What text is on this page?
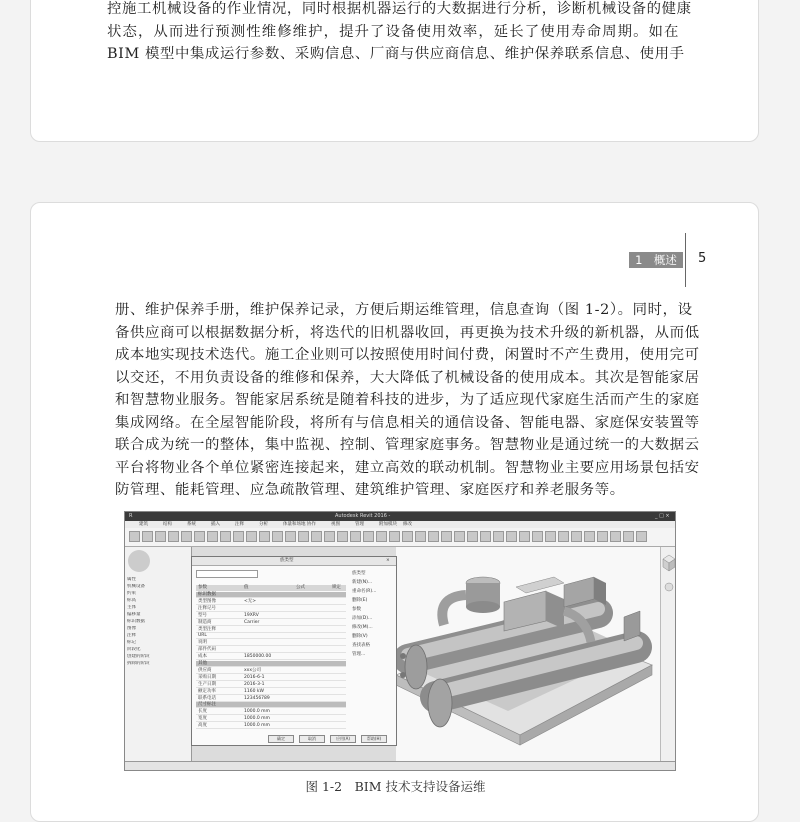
控施工机械设备的作业情况，同时根据机器运行的大数据进行分析，诊断机械设备的健康

状态，从而进行预测性维修维护，提升了设备使用效率，延长了使用寿命周期。如在

BIM 模型中集成运行参数、采购信息、厂商与供应商信息、维护保养联系信息、使用手

1　概述	5

册、维护保养手册，维护保养记录，方便后期运维管理，信息查询（图 1-2）。同时，设

备供应商可以根据数据分析，将迭代的旧机器收回，再更换为技术升级的新机器，从而低

成本地实现技术迭代。施工企业则可以按照使用时间付费，闲置时不产生费用，使用完可

以交还，不用负责设备的维修和保养，大大降低了机械设备的使用成本。其次是智能家居

和智慧物业服务。智能家居系统是随着科技的进步，为了适应现代家庭生活而产生的家庭

集成网络。在全屋智能阶段，将所有与信息相关的通信设备、智能电器、家庭保安装置等

联合成为统一的整体，集中监视、控制、管理家庭事务。智慧物业是通过统一的大数据云

平台将物业各个单位紧密连接起来，建立高效的联动机制。智慧物业主要应用场景包括安

防管理、能耗管理、应急疏散管理、建筑维护管理、家庭医疗和养老服务等。

R	Autodesk Revit 2016 -	_ □ ×
建筑	结构	系统	插入	注释	分析	体量和场地 协作	视图	管理	附加模块 修改
属性
机械设备
约束
标高
主体
偏移量
标识数据
图像
注释
标记
阶段化
创建的阶段
拆除的阶段
族类型	×
参数	值	公式	锁定
标识数据
类型图像	<无>
注释记号
型号	19XRV
制造商	Carrier
类型注释
URL
说明
部件代码
成本	1850000.00
其他
供应商	xxx公司
采购日期	2016-6-1
生产日期	2016-3-1
额定功率	1160 kW
联系电话	123456789
尺寸标注
长度	1000.0 mm
宽度	1000.0 mm
高度	1000.0 mm
族类型
新建(N)...
重命名(R)...
删除(E)
参数
添加(D)...
修改(M)...
删除(V)
查找表格
管理...
确定	取消	应用(A)	帮助(H)
图 1-2　BIM 技术支持设备运维
